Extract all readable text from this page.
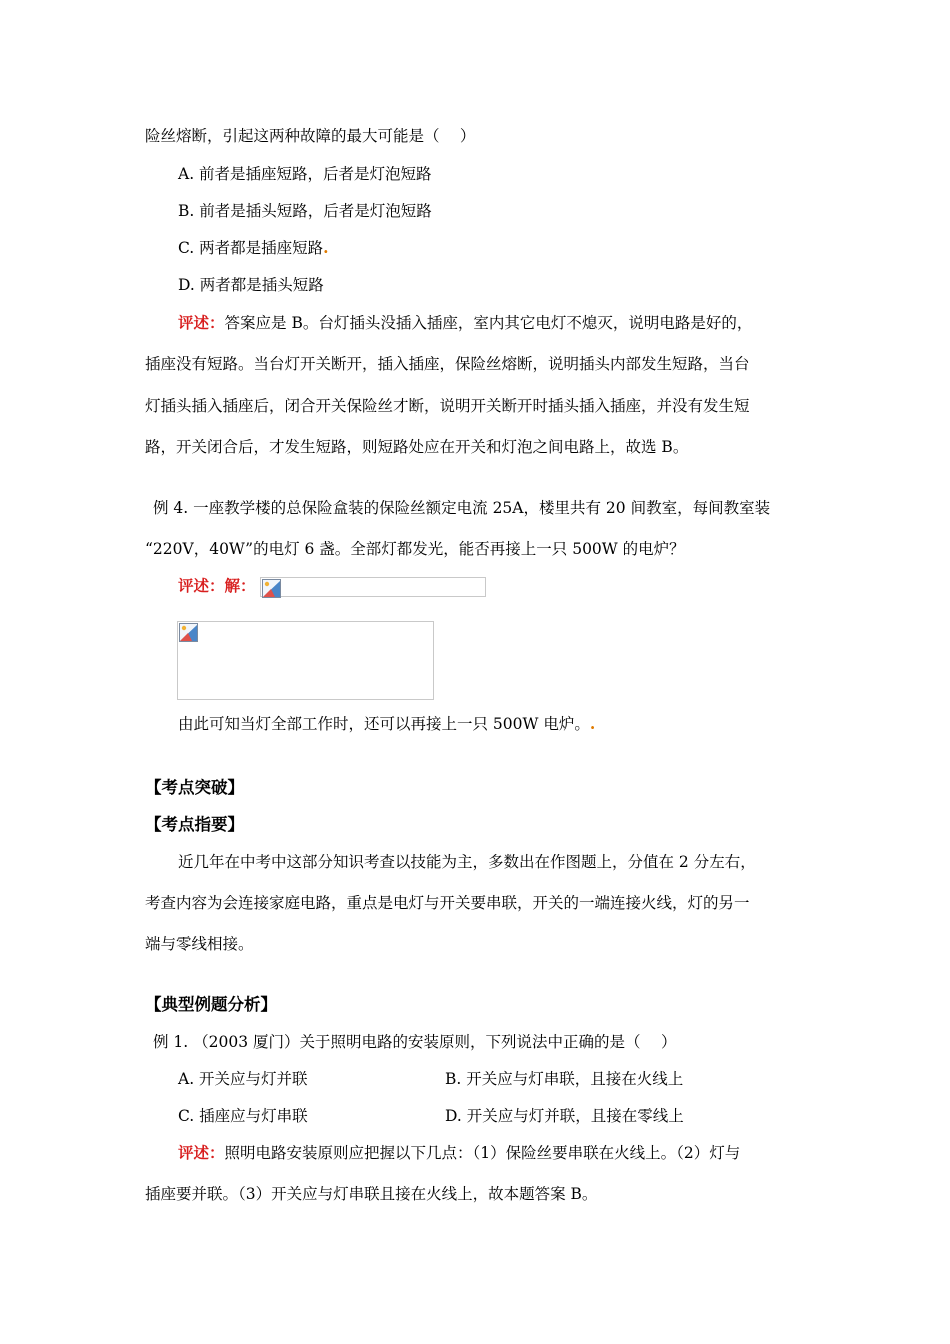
险丝熔断，引起这两种故障的最大可能是（　 ）
A. 前者是插座短路，后者是灯泡短路
B. 前者是插头短路，后者是灯泡短路
C. 两者都是插座短路.
D. 两者都是插头短路
评述：答案应是 B。台灯插头没插入插座，室内其它电灯不熄灭，说明电路是好的，
插座没有短路。当台灯开关断开，插入插座，保险丝熔断，说明插头内部发生短路，当台
灯插头插入插座后，闭合开关保险丝才断，说明开关断开时插头插入插座，并没有发生短
路，开关闭合后，才发生短路，则短路处应在开关和灯泡之间电路上，故选 B。
例 4. 一座教学楼的总保险盒装的保险丝额定电流 25A，楼里共有 20 间教室，每间教室装
“220V，40W”的电灯 6 盏。全部灯都发光，能否再接上一只 500W 的电炉？
评述：解：
由此可知当灯全部工作时，还可以再接上一只 500W 电炉。.
【考点突破】
【考点指要】
近几年在中考中这部分知识考查以技能为主，多数出在作图题上，分值在 2 分左右，
考查内容为会连接家庭电路，重点是电灯与开关要串联，开关的一端连接火线，灯的另一
端与零线相接。
【典型例题分析】
例 1. （2003 厦门）关于照明电路的安装原则，下列说法中正确的是（　 ）
A. 开关应与灯并联	B. 开关应与灯串联，且接在火线上
C. 插座应与灯串联	D. 开关应与灯并联，且接在零线上
评述：照明电路安装原则应把握以下几点：（1）保险丝要串联在火线上。（2）灯与
插座要并联。（3）开关应与灯串联且接在火线上，故本题答案 B。
